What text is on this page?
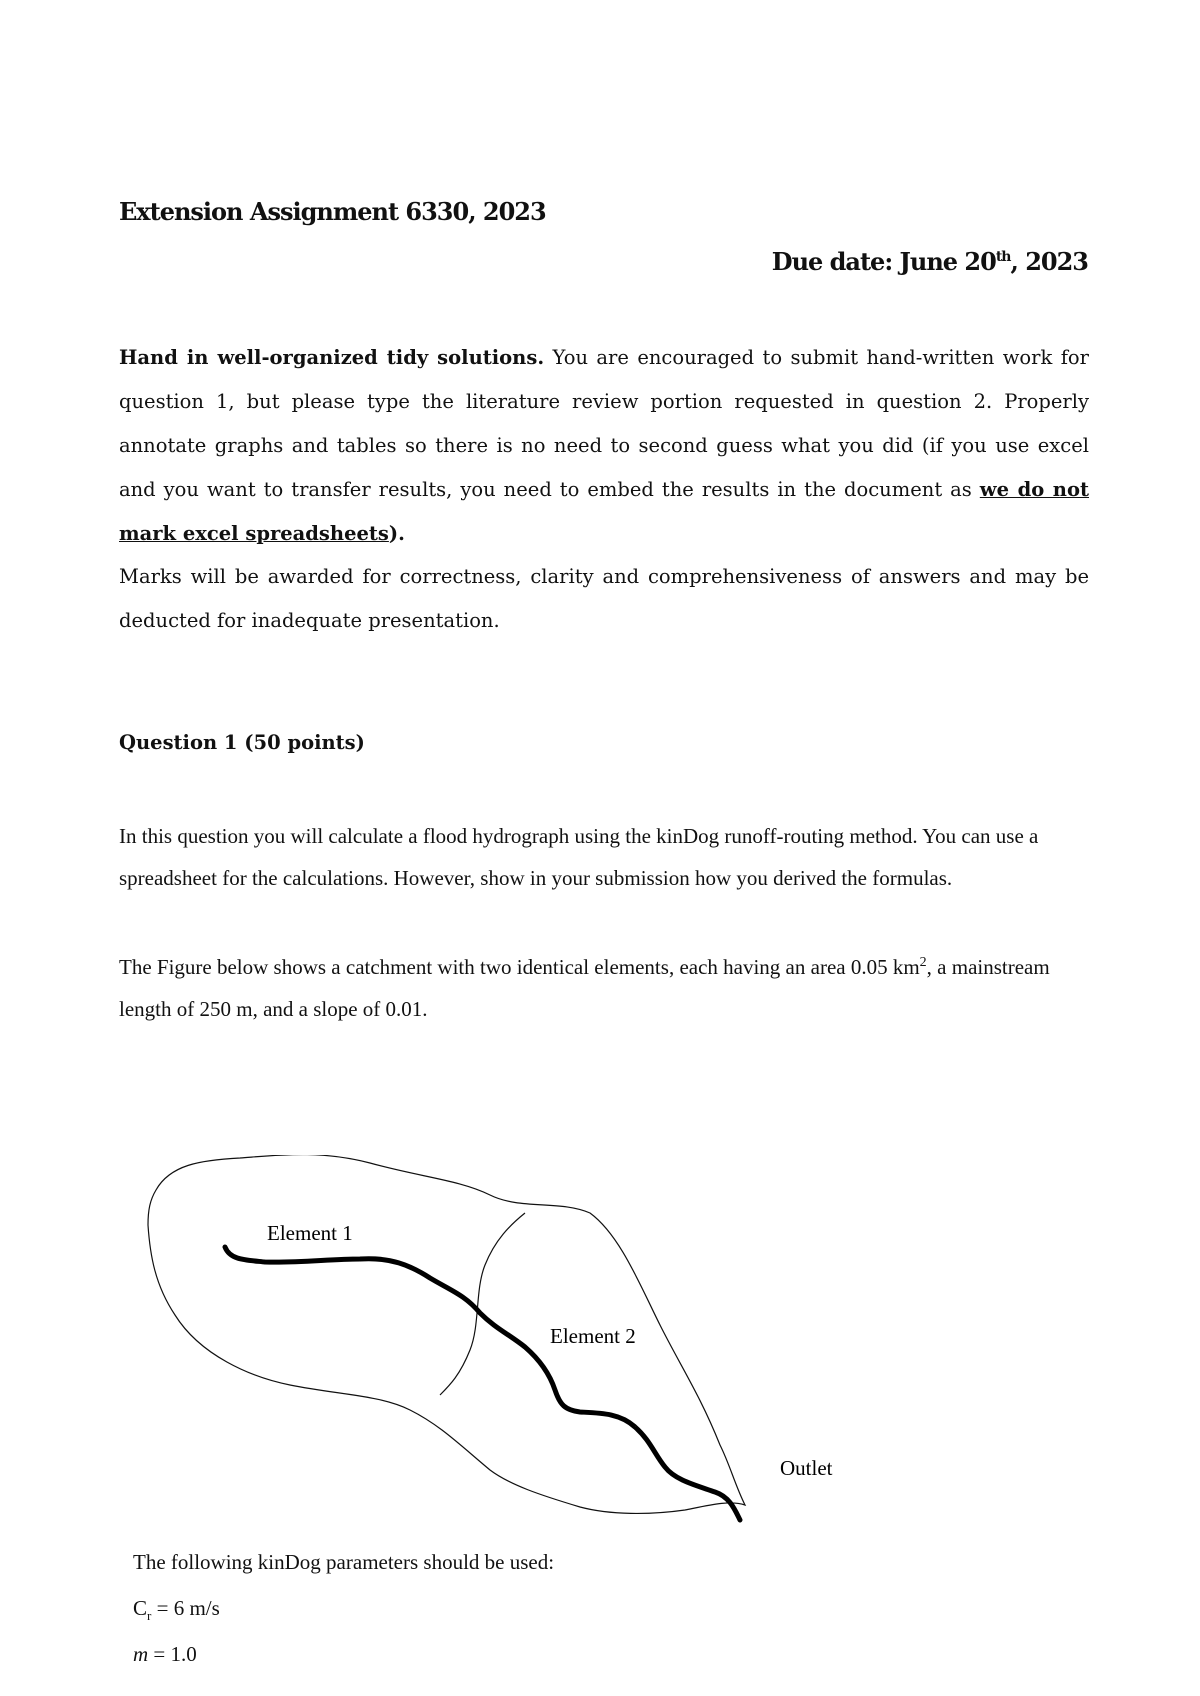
Extension Assignment 6330, 2023
Due date: June 20th, 2023
Hand in well-organized tidy solutions. You are encouraged to submit hand-written work for question 1, but please type the literature review portion requested in question 2. Properly annotate graphs and tables so there is no need to second guess what you did (if you use excel and you want to transfer results, you need to embed the results in the document as we do not mark excel spreadsheets).
Marks will be awarded for correctness, clarity and comprehensiveness of answers and may be deducted for inadequate presentation.
Question 1 (50 points)
In this question you will calculate a flood hydrograph using the kinDog runoff-routing method. You can use a spreadsheet for the calculations. However, show in your submission how you derived the formulas.
The Figure below shows a catchment with two identical elements, each having an area 0.05 $km^2$, a mainstream length of 250 m, and a slope of 0.01.
Element 1
Element 2
Outlet
The following kinDog parameters should be used:
$C_r = 6$ m/s
m = 1.0
